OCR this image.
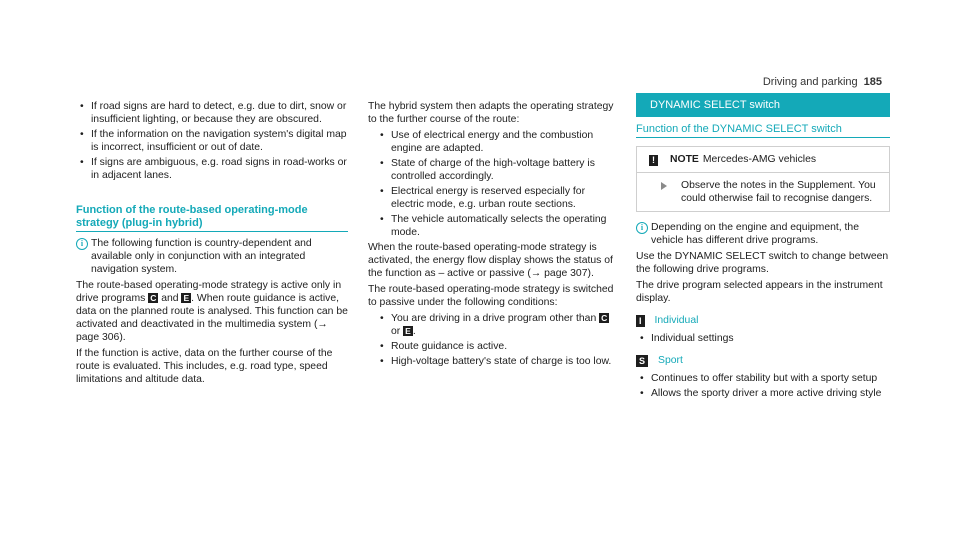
Driving and parking 185
• If road signs are hard to detect, e.g. due to dirt, snow or insufficient lighting, or because they are obscured.
• If the information on the navigation system's digital map is incorrect, insufficient or out of date.
• If signs are ambiguous, e.g. road signs in road-works or in adjacent lanes.
Function of the route-based operating-mode strategy (plug-in hybrid)
i The following function is country-dependent and available only in conjunction with an integrated navigation system.

The route-based operating-mode strategy is active only in drive programs C and E . When route guidance is active, data on the planned route is analysed. This function can be activated and deactivated in the multimedia system (→ page 306).

If the function is active, data on the further course of the route is evaluated. This includes, e.g. road type, speed limitations and altitude data.

The hybrid system then adapts the operating strategy to the further course of the route:

• Use of electrical energy and the combustion engine are adapted.
• State of charge of the high-voltage battery is controlled accordingly.
• Electrical energy is reserved especially for electric mode, e.g. urban route sections.
• The vehicle automatically selects the operating mode.

When the route-based operating-mode strategy is activated, the energy flow display shows the status of the function as – active or passive (→ page 307).

The route-based operating-mode strategy is switched to passive under the following conditions:

• You are driving in a drive program other than C or E .
• Route guidance is active.
• High-voltage battery's state of charge is too low.
DYNAMIC SELECT switch
Function of the DYNAMIC SELECT switch
! NOTE Mercedes-AMG vehicles
Observe the notes in the Supplement. You could otherwise fail to recognise dangers.
i Depending on the engine and equipment, the vehicle has different drive programs.

Use the DYNAMIC SELECT switch to change between the following drive programs.

The drive program selected appears in the instrument display.

I Individual
• Individual settings
S Sport
• Continues to offer stability but with a sporty setup
• Allows the sporty driver a more active driving style
